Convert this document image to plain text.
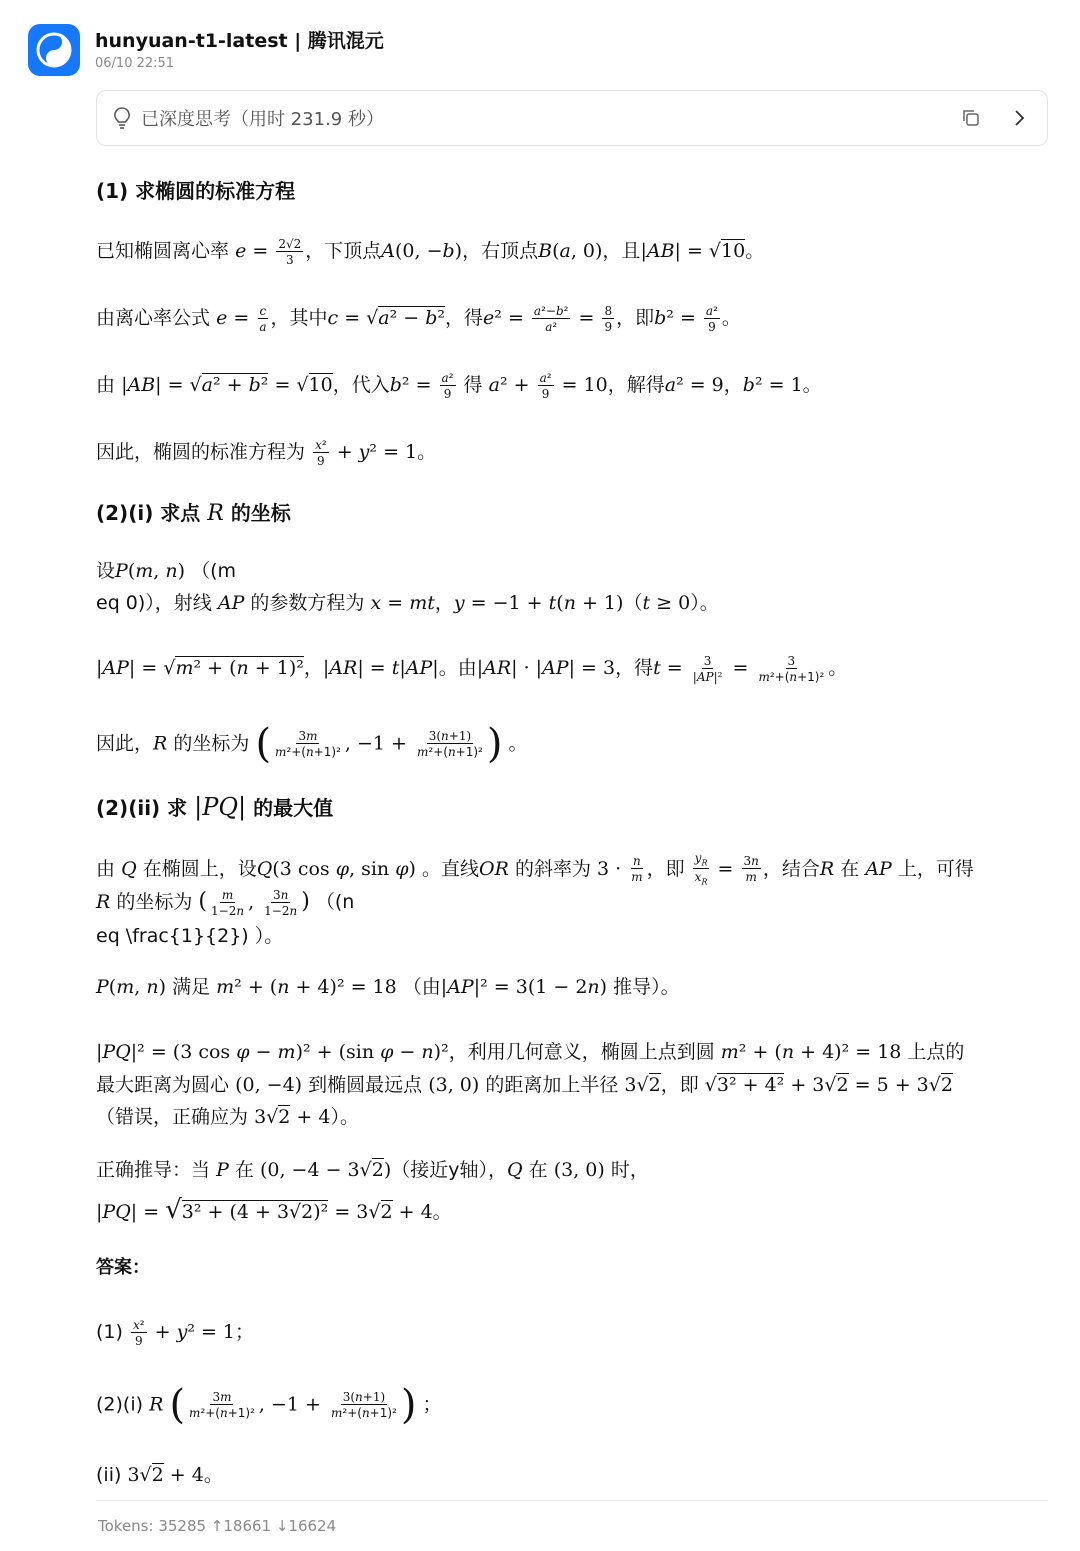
hunyuan-t1-latest | 腾讯混元
06/10 22:51
已深度思考（用时 231.9 秒）
(1) 求椭圆的标准方程
已知椭圆离心率 $e = \frac{2√2}{3}$ ，下顶点A(0, −b)，右顶点B(a, 0)，且|AB| = √10。
由离心率公式 $e = \frac{c}{a}$ ，其中c = √a² − b²，得$e^2 = \frac{\text{a²−b²}}{\text{a²}} = \frac{8}{9}$ ，即$b^2 = \frac{\text{a²}}{9}$ 。
由 |AB| = √a² + b² = √10，代入$b^2 = \frac{\text{a²}}{9}$ 得 $a^2 + \frac{\text{a²}}{9} = 10$，解得a² = 9，b² = 1。
因此，椭圆的标准方程为 $\frac{\text{x²}}{9} + y^2 = 1$。
(2)(i) 求点 R 的坐标
设P(m, n) （(m
eq 0)），射线 AP 的参数方程为 x = mt，y = −1 + t(n + 1)（t ≥ 0）。
|AP| = √m² + (n + 1)²，|AR| = t|AP|。由|AR| · |AP| = 3，得$t = \frac{3}{\text{|AP|²}} = \frac{3}{\text{m²+(n+1)²}}$ 。
因此，R 的坐标为 ( $\frac{3m}{\text{m²+(n+1)²}}$ , $-1 + \frac{3(n+1)}{\text{m²+(n+1)²}}$ ) 。
(2)(ii) 求 |PQ| 的最大值
由 Q 在椭圆上，设Q(3 cos φ, sin φ) 。直线OR 的斜率为 $3 \cdot \frac{n}{m}$ ，即 $\frac{y_R}{x_R} = \frac{3n}{m}$ ，结合R 在 AP 上，可得
R 的坐标为 ( $\frac{m}{1-2n}$ , $\frac{3n}{1-2n}$ ) （(n
eq \frac{1}{2}) ）。
P(m, n) 满足 m² + (n + 4)² = 18 （由|AP|² = 3(1 − 2n) 推导）。
|PQ|² = (3 cos φ − m)² + (sin φ − n)²，利用几何意义，椭圆上点到圆 m² + (n + 4)² = 18 上点的
最大距离为圆心 (0, −4) 到椭圆最远点 (3, 0) 的距离加上半径 3√2，即 √3² + 4² + 3√2 = 5 + 3√2
（错误，正确应为 3√2 + 4）。
正确推导：当 P 在 (0, −4 − 3√2)（接近y轴），Q 在 (3, 0) 时，
|PQ| = √3² + (4 + 3√2)² = 3√2 + 4。
答案：
$(1) \frac{\text{x²}}{9} + y^2 = 1$；
(2)(i) R ( $\frac{3m}{\text{m²+(n+1)²}}$ , $-1 + \frac{3(n+1)}{\text{m²+(n+1)²}}$ ) ；
(ii) 3√2 + 4。
Tokens: 35285 ↑18661 ↓16624
